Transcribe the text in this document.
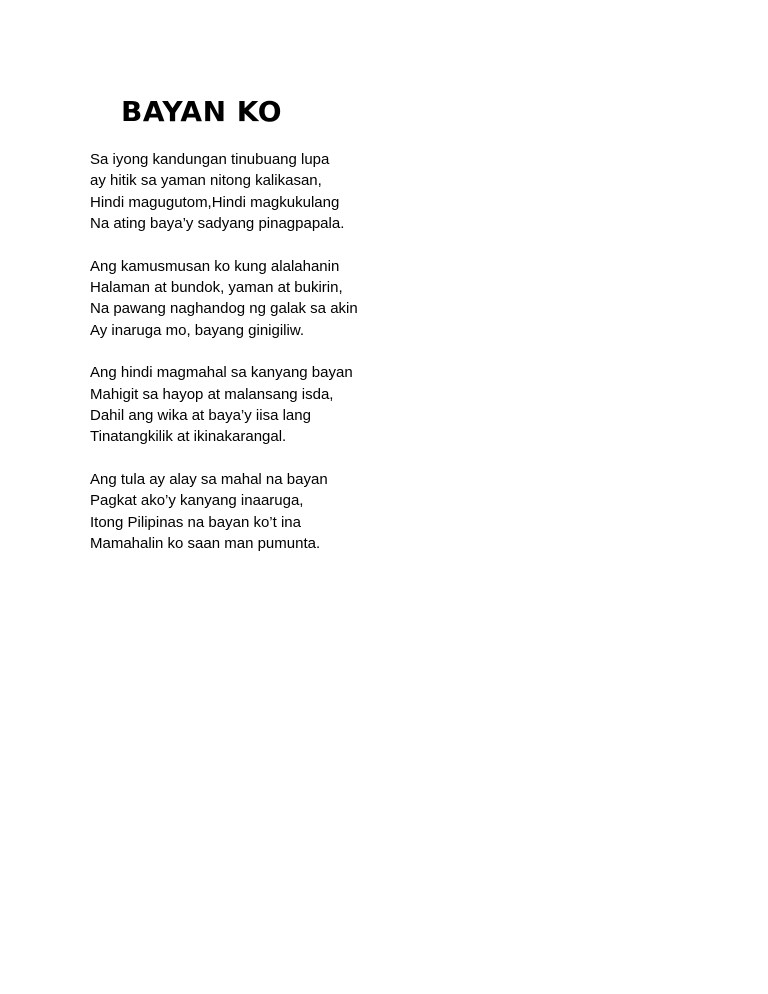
BAYAN KO
Sa iyong kandungan tinubuang lupa
ay hitik sa yaman nitong kalikasan,
Hindi magugutom,Hindi magkukulang
Na ating baya’y sadyang pinagpapala.
Ang kamusmusan ko kung alalahanin
Halaman at bundok, yaman at bukirin,
Na pawang naghandog ng galak sa akin
Ay inaruga mo, bayang ginigiliw.
Ang hindi magmahal sa kanyang bayan
Mahigit sa hayop at malansang isda,
Dahil ang wika at baya’y iisa lang
Tinatangkilik at ikinakarangal.
Ang tula ay alay sa mahal na bayan
Pagkat ako’y kanyang inaaruga,
Itong Pilipinas na bayan ko’t ina
Mamahalin ko saan man pumunta.
